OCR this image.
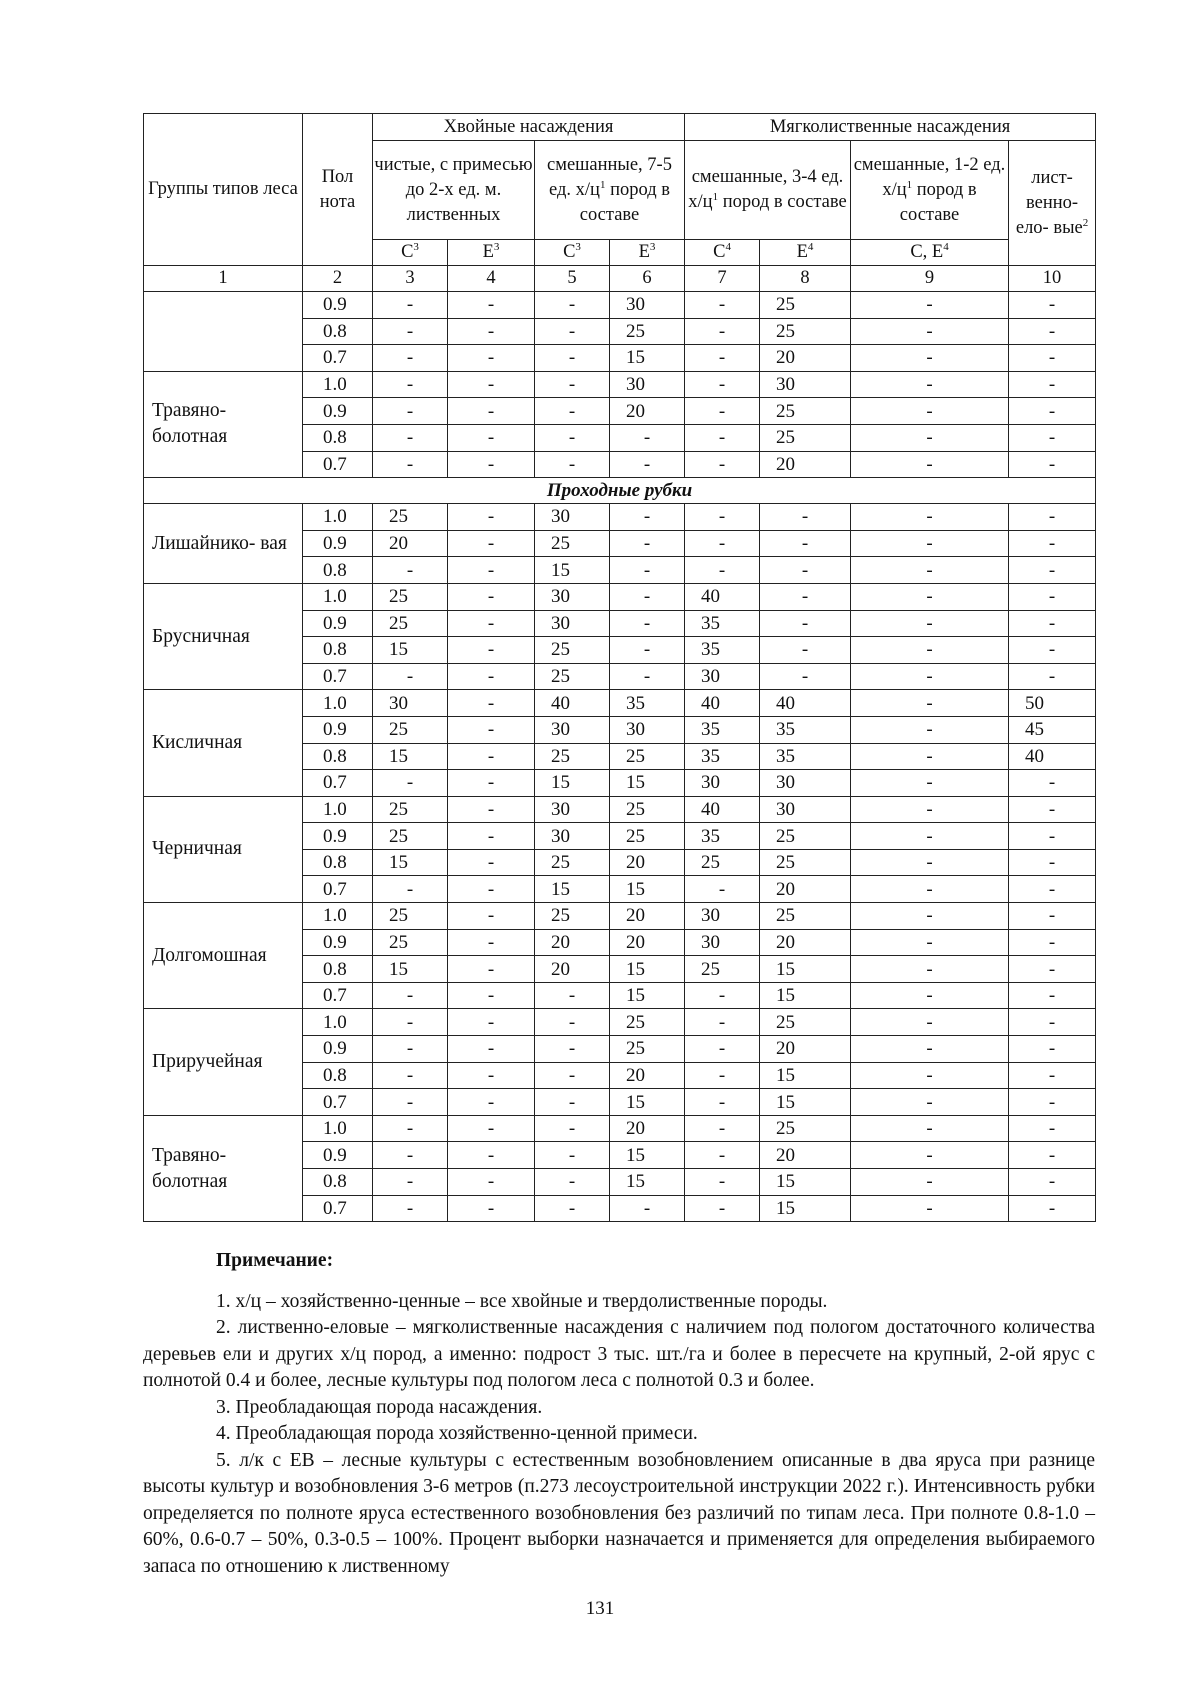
Группы типов леса	Пол нота	Хвойные насаждения				Мягколиственные насаждения			
		чистые, с примесью до 2-х ед. м. лиственных		смешанные, 7-5 ед. $х/ц^1$ пород в составе		смешанные, 3-4 ед. $х/ц^1$ пород в составе		смешанные, 1-2 ед. $х/ц^1$ пород в составе	лист- венно- ело- вые$^2$
		$С^3$	$Е^3$	$С^3$	$Е^3$	$С^4$	$Е^4$	С, $Е^4$
1	2	3	4	5	6	7	8	9	10
	0.9	-	-	-	30	-	25	-	-
	0.8	-	-	-	25	-	25	-	-
	0.7	-	-	-	15	-	20	-	-
Травяно- болотная	1.0	-	-	-	30	-	30	-	-
	0.9	-	-	-	20	-	25	-	-
	0.8	-	-	-	-	-	25	-	-
	0.7	-	-	-	-	-	20	-	-
Проходные рубки									
Лишайнико- вая	1.0	25	-	30	-	-	-	-	-
	0.9	20	-	25	-	-	-	-	-
	0.8	-	-	15	-	-	-	-	-
Брусничная	1.0	25	-	30	-	40	-	-	-
	0.9	25	-	30	-	35	-	-	-
	0.8	15	-	25	-	35	-	-	-
	0.7	-	-	25	-	30	-	-	-
Кисличная	1.0	30	-	40	35	40	40	-	50
	0.9	25	-	30	30	35	35	-	45
	0.8	15	-	25	25	35	35	-	40
	0.7	-	-	15	15	30	30	-	-
Черничная	1.0	25	-	30	25	40	30	-	-
	0.9	25	-	30	25	35	25	-	-
	0.8	15	-	25	20	25	25	-	-
	0.7	-	-	15	15	-	20	-	-
Долгомошная	1.0	25	-	25	20	30	25	-	-
	0.9	25	-	20	20	30	20	-	-
	0.8	15	-	20	15	25	15	-	-
	0.7	-	-	-	15	-	15	-	-
Приручейная	1.0	-	-	-	25	-	25	-	-
	0.9	-	-	-	25	-	20	-	-
	0.8	-	-	-	20	-	15	-	-
	0.7	-	-	-	15	-	15	-	-
Травяно- болотная	1.0	-	-	-	20	-	25	-	-
	0.9	-	-	-	15	-	20	-	-
	0.8	-	-	-	15	-	15	-	-
	0.7	-	-	-	-	-	15	-	-
Примечание:

1. х/ц – хозяйственно-ценные – все хвойные и твердолиственные породы.

2. лиственно-еловые – мягколиственные насаждения с наличием под пологом достаточного количества деревьев ели и других х/ц пород, а именно: подрост 3 тыс. шт./га и более в пересчете на крупный, 2-ой ярус с полнотой 0.4 и более, лесные культуры под пологом леса с полнотой 0.3 и более.

3. Преобладающая порода насаждения.

4. Преобладающая порода хозяйственно-ценной примеси.

5. л/к с ЕВ – лесные культуры с естественным возобновлением описанные в два яруса при разнице высоты культур и возобновления 3-6 метров (п.273 лесоустроительной инструкции 2022 г.). Интенсивность рубки определяется по полноте яруса естественного возобновления без различий по типам леса. При полноте 0.8-1.0 – 60%, 0.6-0.7 – 50%, 0.3-0.5 – 100%. Процент выборки назначается и применяется для определения выбираемого запаса по отношению к лиственному

131
